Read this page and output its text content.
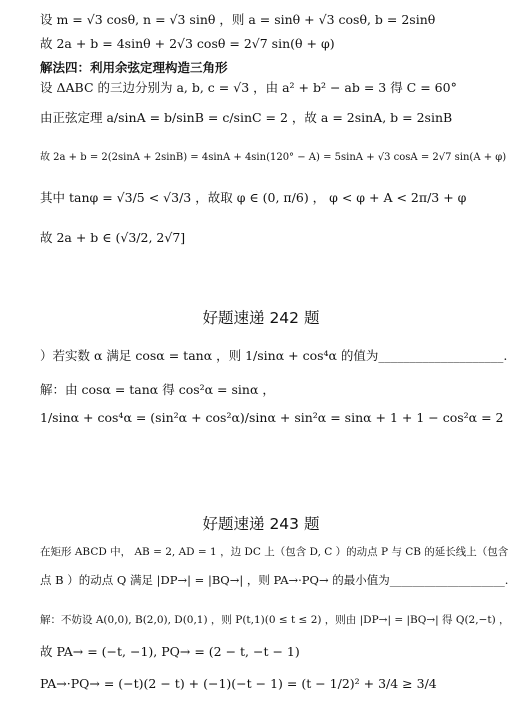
设 m = √3 cosθ, n = √3 sinθ ，则 a = sinθ + √3 cosθ, b = 2sinθ
故 2a + b = 4sinθ + 2√3 cosθ = 2√7 sin(θ + φ)
解法四：利用余弦定理构造三角形
设 ΔABC 的三边分别为 a, b, c = √3 ，由 a² + b² − ab = 3 得 C = 60°
由正弦定理 a/sinA = b/sinB = c/sinC = 2 ，故 a = 2sinA, b = 2sinB
故 2a + b = 2(2sinA + 2sinB) = 4sinA + 4sin(120° − A) = 5sinA + √3 cosA = 2√7 sin(A + φ)
其中 tanφ = √3/5 < √3/3 ，故取 φ ∈ (0, π/6) ， φ < φ + A < 2π/3 + φ
故 2a + b ∈ (√3/2, 2√7]
好题速递 242 题
）若实数 α 满足 cosα = tanα ，则 1/sinα + cos⁴α 的值为____________________.
解：由 cosα = tanα 得 cos²α = sinα ，
1/sinα + cos⁴α = (sin²α + cos²α)/sinα + sin²α = sinα + 1 + 1 − cos²α = 2
好题速递 243 题
在矩形 ABCD 中， AB = 2, AD = 1 ，边 DC 上（包含 D, C ）的动点 P 与 CB 的延长线上（包含
点 B ）的动点 Q 满足 |DP→| = |BQ→| ，则 PA→·PQ→ 的最小值为____________________.
解：不妨设 A(0,0), B(2,0), D(0,1) ，则 P(t,1)(0 ≤ t ≤ 2) ，则由 |DP→| = |BQ→| 得 Q(2,−t) ，
故 PA→ = (−t, −1), PQ→ = (2 − t, −t − 1)
PA→·PQ→ = (−t)(2 − t) + (−1)(−t − 1) = (t − 1/2)² + 3/4 ≥ 3/4
